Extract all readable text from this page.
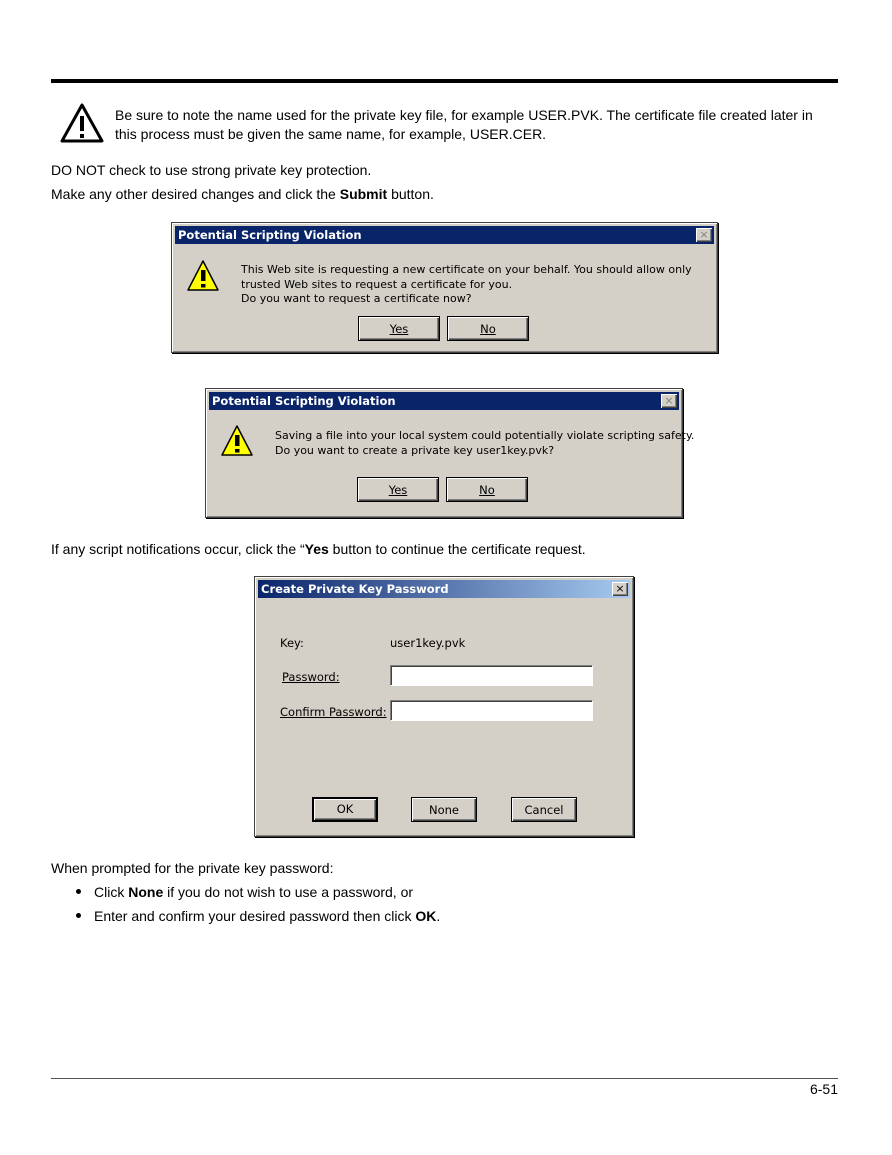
Be sure to note the name used for the private key file, for example USER.PVK. The certificate file created later in
this process must be given the same name, for example, USER.CER.
DO NOT check to use strong private key protection.
Make any other desired changes and click the Submit button.
Potential Scripting Violation	×
This Web site is requesting a new certificate on your behalf. You should allow only
trusted Web sites to request a certificate for you.
Do you want to request a certificate now?
Yes	No
Potential Scripting Violation	×
Saving a file into your local system could potentially violate scripting safety.
Do you want to create a private key user1key.pvk?
Yes	No
If any script notifications occur, click the “Yes button to continue the certificate request.
Create Private Key Password	×
Key:	user1key.pvk
Password:
Confirm Password:
OK	None	Cancel
When prompted for the private key password:
Click None if you do not wish to use a password, or
Enter and confirm your desired password then click OK.
6-51
